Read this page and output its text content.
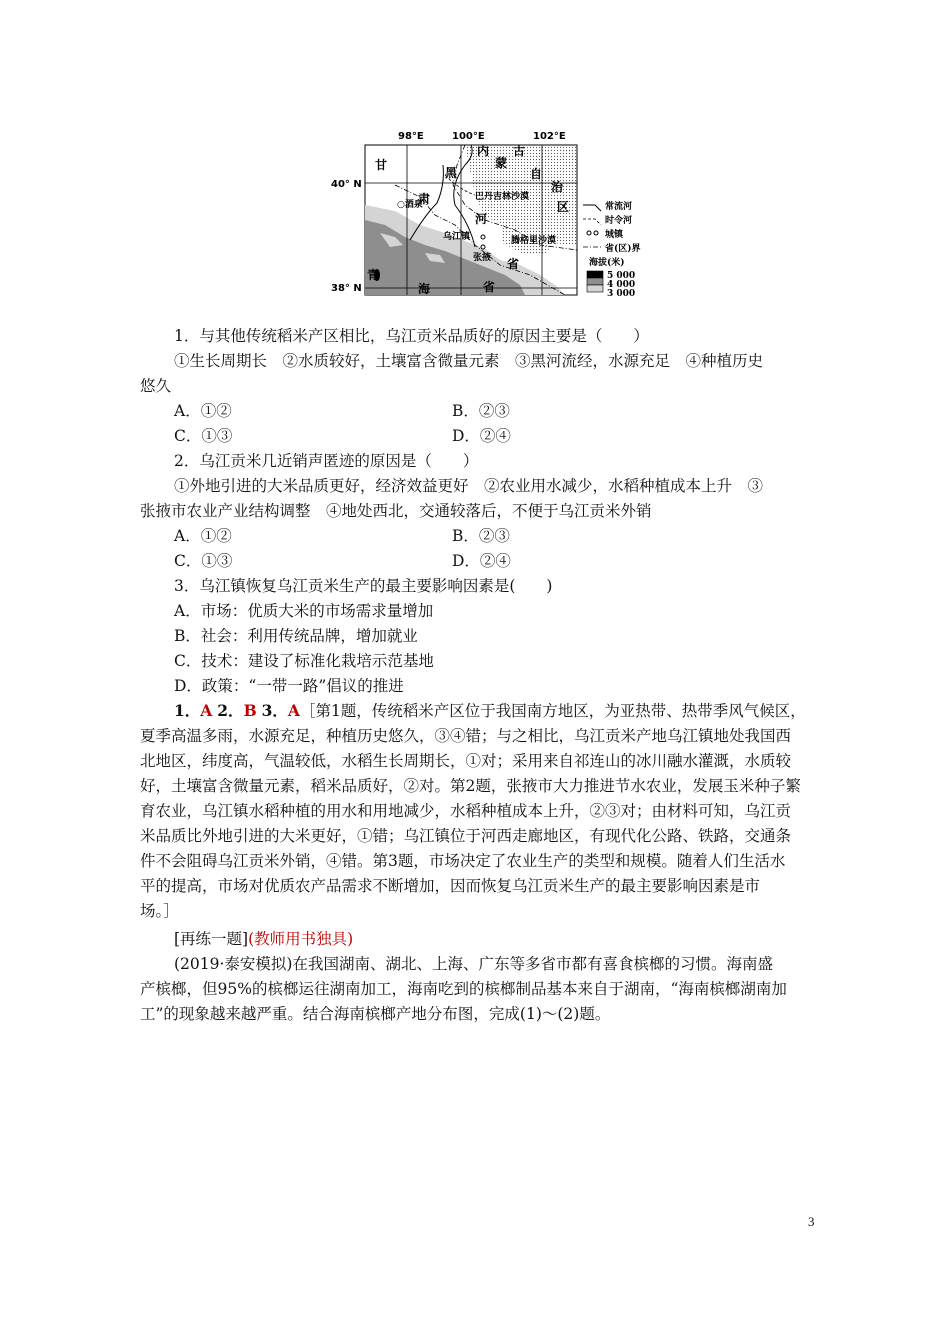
98°E	100°E	102°E
40° N
38° N
甘
肃
省
青
海	省
内
蒙
古
自
治
区
黑
河
○酒泉
乌江镇
张掖
巴丹吉林沙漠
腾格里沙漠
常流河
时令河
城镇
省(区)界
海拔(米)
5 000
4 000
3 000
1．与其他传统稻米产区相比，乌江贡米品质好的原因主要是（　　）
①生长周期长　②水质较好，土壤富含微量元素　③黑河流经，水源充足　④种植历史
悠久
A．①②	B．②③
C．①③	D．②④
2．乌江贡米几近销声匿迹的原因是（　　）
①外地引进的大米品质更好，经济效益更好　②农业用水减少，水稻种植成本上升　③
张掖市农业产业结构调整　④地处西北，交通较落后，不便于乌江贡米外销
A．①②	B．②③
C．①③	D．②④
3．乌江镇恢复乌江贡米生产的最主要影响因素是(　　)
A．市场：优质大米的市场需求量增加
B．社会：利用传统品牌，增加就业
C．技术：建设了标准化栽培示范基地
D．政策：“一带一路”倡议的推进
1．A 2．B 3．A［第1题，传统稻米产区位于我国南方地区，为亚热带、热带季风气候区，
夏季高温多雨，水源充足，种植历史悠久，③④错；与之相比，乌江贡米产地乌江镇地处我国西
北地区，纬度高，气温较低，水稻生长周期长，①对；采用来自祁连山的冰川融水灌溉，水质较
好，土壤富含微量元素，稻米品质好，②对。第2题，张掖市大力推进节水农业，发展玉米种子繁
育农业，乌江镇水稻种植的用水和用地减少，水稻种植成本上升，②③对；由材料可知，乌江贡
米品质比外地引进的大米更好，①错；乌江镇位于河西走廊地区，有现代化公路、铁路，交通条
件不会阻碍乌江贡米外销，④错。第3题，市场决定了农业生产的类型和规模。随着人们生活水
平的提高，市场对优质农产品需求不断增加，因而恢复乌江贡米生产的最主要影响因素是市
场。］
[再练一题](教师用书独具)
(2019·泰安模拟)在我国湖南、湖北、上海、广东等多省市都有喜食槟榔的习惯。海南盛
产槟榔，但95%的槟榔运往湖南加工，海南吃到的槟榔制品基本来自于湖南，“海南槟榔湖南加
工”的现象越来越严重。结合海南槟榔产地分布图，完成(1)～(2)题。
3
